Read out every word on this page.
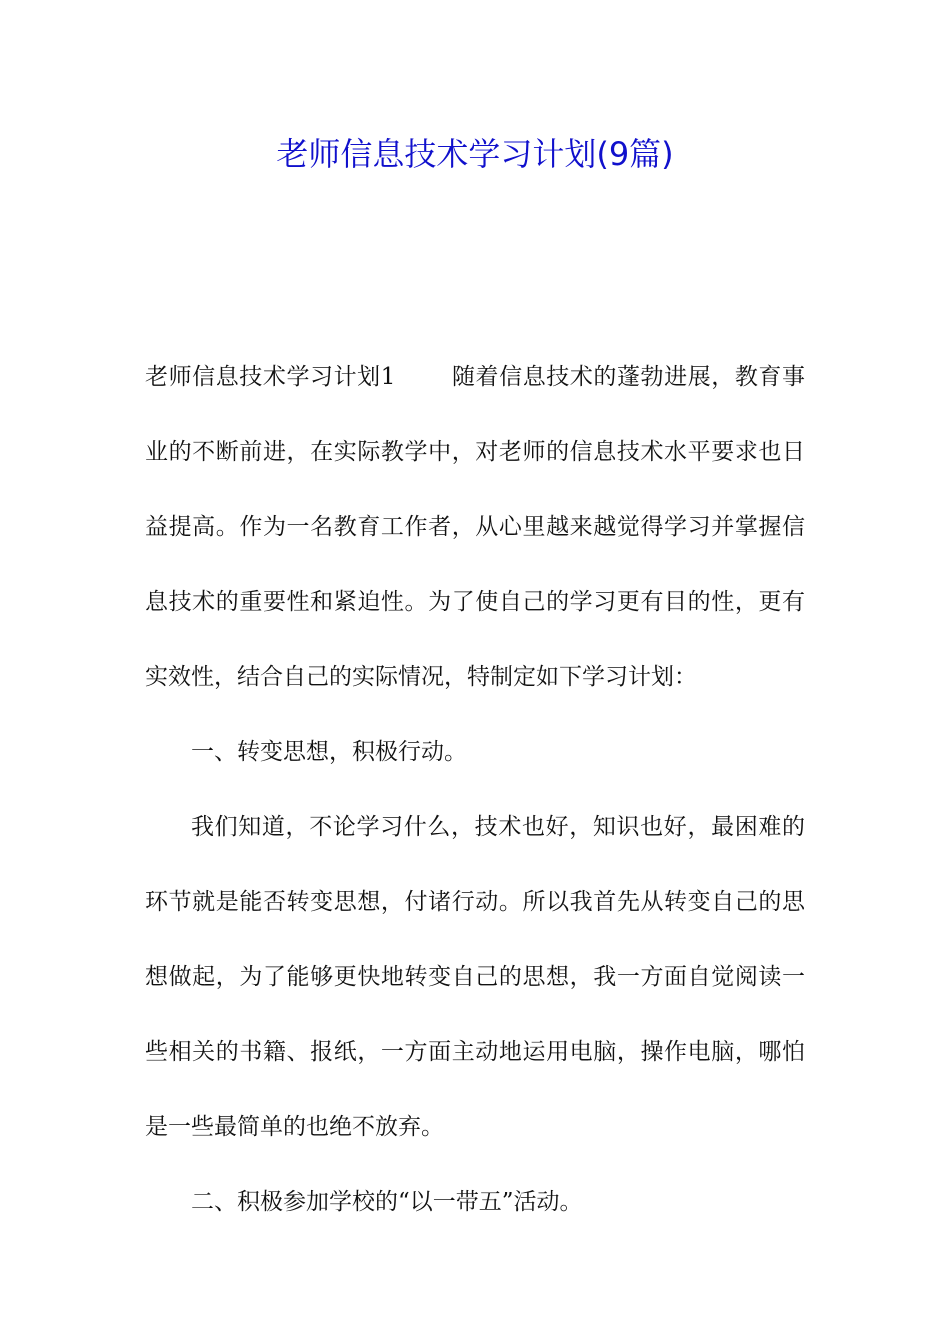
老师信息技术学习计划(9篇)

老师信息技术学习计划1 随着信息技术的蓬勃进展，教育事业的不断前进，在实际教学中，对老师的信息技术水平要求也日益提高。作为一名教育工作者，从心里越来越觉得学习并掌握信息技术的重要性和紧迫性。为了使自己的学习更有目的性，更有实效性，结合自己的实际情况，特制定如下学习计划：

一、转变思想，积极行动。

我们知道，不论学习什么，技术也好，知识也好，最困难的环节就是能否转变思想，付诸行动。所以我首先从转变自己的思想做起，为了能够更快地转变自己的思想，我一方面自觉阅读一些相关的书籍、报纸，一方面主动地运用电脑，操作电脑，哪怕是一些最简单的也绝不放弃。

二、积极参加学校的“以一带五”活动。
